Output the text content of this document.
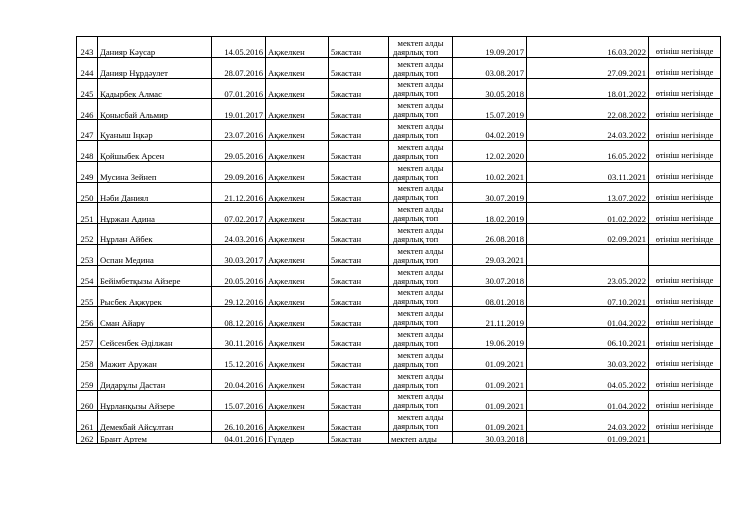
243	Данияр Кәусар	14.05.2016	Ақжелкен	5жастан	мектеп алды
даярлық топ	19.09.2017	16.03.2022	өтініш негізінде
244	Данияр Нұрдәулет	28.07.2016	Ақжелкен	5жастан	мектеп алды
даярлық топ	03.08.2017	27.09.2021	өтініш негізінде
245	Қадырбек Алмас	07.01.2016	Ақжелкен	5жастан	мектеп алды
даярлық топ	30.05.2018	18.01.2022	өтініш негізінде
246	Қонысбай Альмир	19.01.2017	Ақжелкен	5жастан	мектеп алды
даярлық топ	15.07.2019	22.08.2022	өтініш негізінде
247	Қуаныш Іңкәр	23.07.2016	Ақжелкен	5жастан	мектеп алды
даярлық топ	04.02.2019	24.03.2022	өтініш негізінде
248	Қойшыбек Арсен	29.05.2016	Ақжелкен	5жастан	мектеп алды
даярлық топ	12.02.2020	16.05.2022	өтініш негізінде
249	Мусина Зейнеп	29.09.2016	Ақжелкен	5жастан	мектеп алды
даярлық топ	10.02.2021	03.11.2021	өтініш негізінде
250	Нәби Даниял	21.12.2016	Ақжелкен	5жастан	мектеп алды
даярлық топ	30.07.2019	13.07.2022	өтініш негізінде
251	Нұржан Адина	07.02.2017	Ақжелкен	5жастан	мектеп алды
даярлық топ	18.02.2019	01.02.2022	өтініш негізінде
252	Нұрлан Айбек	24.03.2016	Ақжелкен	5жастан	мектеп алды
даярлық топ	26.08.2018	02.09.2021	өтініш негізінде
253	Оспан Медина	30.03.2017	Ақжелкен	5жастан	мектеп алды
даярлық топ	29.03.2021		
254	Бейімбетқызы Айзере	20.05.2016	Ақжелкен	5жастан	мектеп алды
даярлық топ	30.07.2018	23.05.2022	өтініш негізінде
255	Рысбек Ақжүрек	29.12.2016	Ақжелкен	5жастан	мектеп алды
даярлық топ	08.01.2018	07.10.2021	өтініш негізінде
256	Сман Айару	08.12.2016	Ақжелкен	5жастан	мектеп алды
даярлық топ	21.11.2019	01.04.2022	өтініш негізінде
257	Сейсенбек Әділжан	30.11.2016	Ақжелкен	5жастан	мектеп алды
даярлық топ	19.06.2019	06.10.2021	өтініш негізінде
258	Мажит Аружан	15.12.2016	Ақжелкен	5жастан	мектеп алды
даярлық топ	01.09.2021	30.03.2022	өтініш негізінде
259	Дидарұлы Дастан	20.04.2016	Ақжелкен	5жастан	мектеп алды
даярлық топ	01.09.2021	04.05.2022	өтініш негізінде
260	Нұрланқызы Айзере	15.07.2016	Ақжелкен	5жастан	мектеп алды
даярлық топ	01.09.2021	01.04.2022	өтініш негізінде
261	Демекбай Айсұлтан	26.10.2016	Ақжелкен	5жастан	мектеп алды
даярлық топ	01.09.2021	24.03.2022	өтініш негізінде
262	Брант Артем	04.01.2016	Гүлдер	5жастан	мектеп алды	30.03.2018	01.09.2021	
